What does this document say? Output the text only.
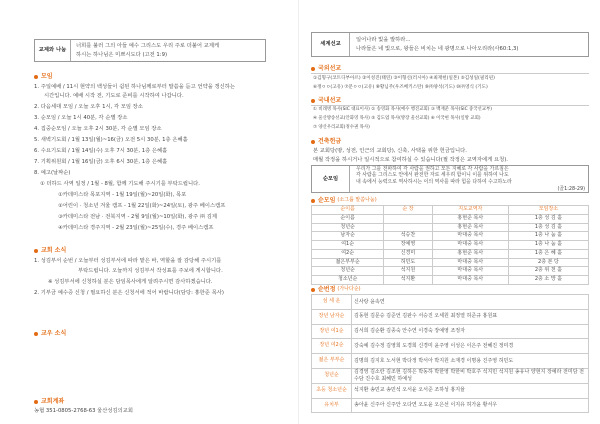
교제와 나눔
너희를 불러 그의 아들 예수 그리스도 우리 주로 더불어 교제케
하시는 하나님은 미쁘시도다 (고전 1:9)
모임
1. 주일예배 / 11시 현약의 백성들이 쉼된 하나님께로부터 말씀을 듣고 언약을 갱신하는
시간입니다. 예배 시작 전, 기도로 준비를 시작하여 나갑니다.
2. 다음세대 모임 / 오늘 오후 1시, 각 모임 장소
3. 순모임 / 오늘 1시 40분, 각 순별 장소
4. 집중순모임 / 오늘 오후 2시 30분, 각 순별 모임 장소
5. 새벽기도회 / 1월 13일(월)~16(금) 오전 5시 30분, 1층 은혜홀
6. 수요기도회 / 1월 14일(수) 오후 7시 30분, 1층 은혜홀
7. 기획위원회 / 1월 16일(금) 오후 6시 30분, 1층 은혜홀
8. 예고(날짜순)
① 더하드 사역 일정 / 1월 - 8월, 함께 기도해 주시기를 부탁드립니다.
①카데미스타 목포지역 - 1월 19일(월)~20일(화), 목포
②어린이 · 청소년 겨울 캠프 - 1월 22일(화)~24일(토), 광주 베이스캠프
③카데미스타 전남 · 전북지역 - 2월 9일(월)~10일(화), 광주 ㈜ 김제
④카데미스타 경주지역 - 2월 23일(월)~25일(수), 경주 베이스캠프
교회 소식
1. 성김부서 순번 / 오늘부터 성김부서에 따라 맡은 바, 역할을 잘 감당해 주시기를
부탁드립니다. 오늘까지 성김부서 작성표를 주보에 게시합니다.
※ 성김부서에 신청하실 분은 담임목사에게 알려주시면 감사하겠습니다.
2. 기부금 예수증 신청 / 필요하신 분은 신청서에 적어 바랍니다(담당: 홍한준 목사)
교우 소식
교회계좌
농협 351-0805-2768-63 울산성김의교회
세계선교
일어나라 빛을 발하라...
나라들은 네 빛으로, 왕들은 비치는 네 광명으로 나아오리라(사60:1,3)
국외선교
①김형구(코트디부아르) ②이성진(태연) ③이형신(러시아) ④최재헌(일본) ⑤김성일(필리핀)
⑥정ㅇㅇ(고유) ⑦문ㅇㅇ(고유) ⑧황님주(우즈베키스탄) ⑨㈜양석(기도) ⑩㈜영식 (기도)
국내선교
① 비래병 목사(SIC 대표이사) ② 송영화 목사(예수 행진교회) ③ 백재준 목사(SIC 중국선교부)
④ 울산방송선교(안화영 목사) ⑤ 김도엽 목사(방장 울선교회) ⑥ 이국현 목사(일방 교회)
⑦ 양산우리교회(정수권 목사)
건축헌금
본 교회당(땅, 성전, 인근의 교회당), 신축, 사택을 위한 헌금입니다.
매월 작정을 하시거나 일시적으로 참여하실 수 있습니다(필 작정은 교역자에게 요청).
순모임
우리가 그를 전파하여 각 사람을 권하고 모든 지혜로 각 사람을 가르침은
각 사람을 그리스도 안에서 완전한 자로 세우려 함이니 이를 위하여 나도
내 속에서 능력으로 역사하시는 이의 역사를 따라 힘을 다하여 수고하노라
(골1:28-29)
순모임 (소그룹 말씀나눔)
순이름	순 장	지도교역자	모임장소
순이름		홍현준 목사	1층 성 김 홀
청년순		홍현준 목사	1층 성 김 홀
남자순	석승찬	마대중 목사	1층 나 눔 홀
여1순	장예영	마대중 목사	1층 나 눔 홀
여2순	신경미	홍현준 목사	1층 은 혜 홀
젊은부부순	허민도	마대중 목사	2층 본 당
청년순	석지원	마대중 목사	2층 위 천 홀
청소년순	석지환	마대중 목사	2층 소 망 홀
순번정 (가나다순)
섬 세 운	신사랑 윤속연
장년 남자순	김동현 김문승 김준언 김판수 서승진 오세원 최정열 허준규 홍원표
장년 여1순	김서희 김순환 김종숙 안수연 이경숙 장예영 조정자
장년 여2순	강숙예 김수정 김영희 도경희 신경미 윤주영 이성은 이은주 전혜진 정미경
젊은 부부순	김명희 김지호 노서현 박다정 박서아 박지원 소재경 이명용 진주영 허민도
청년순	김경영 김소란 김조현 김하은 박동하 박한영 박한비 박호주 석지민 석지원 송유나 양현지 장예라 전미담 전수담 진수호 최혜민 하예성
초등 청소년순	석지환 송민교 송민석 오서윤 오서준 조하성 홍지율
유치부	송아윤 신주아 신주안 오다연 오도윤 오은선 이지유 허가윤 황서우
